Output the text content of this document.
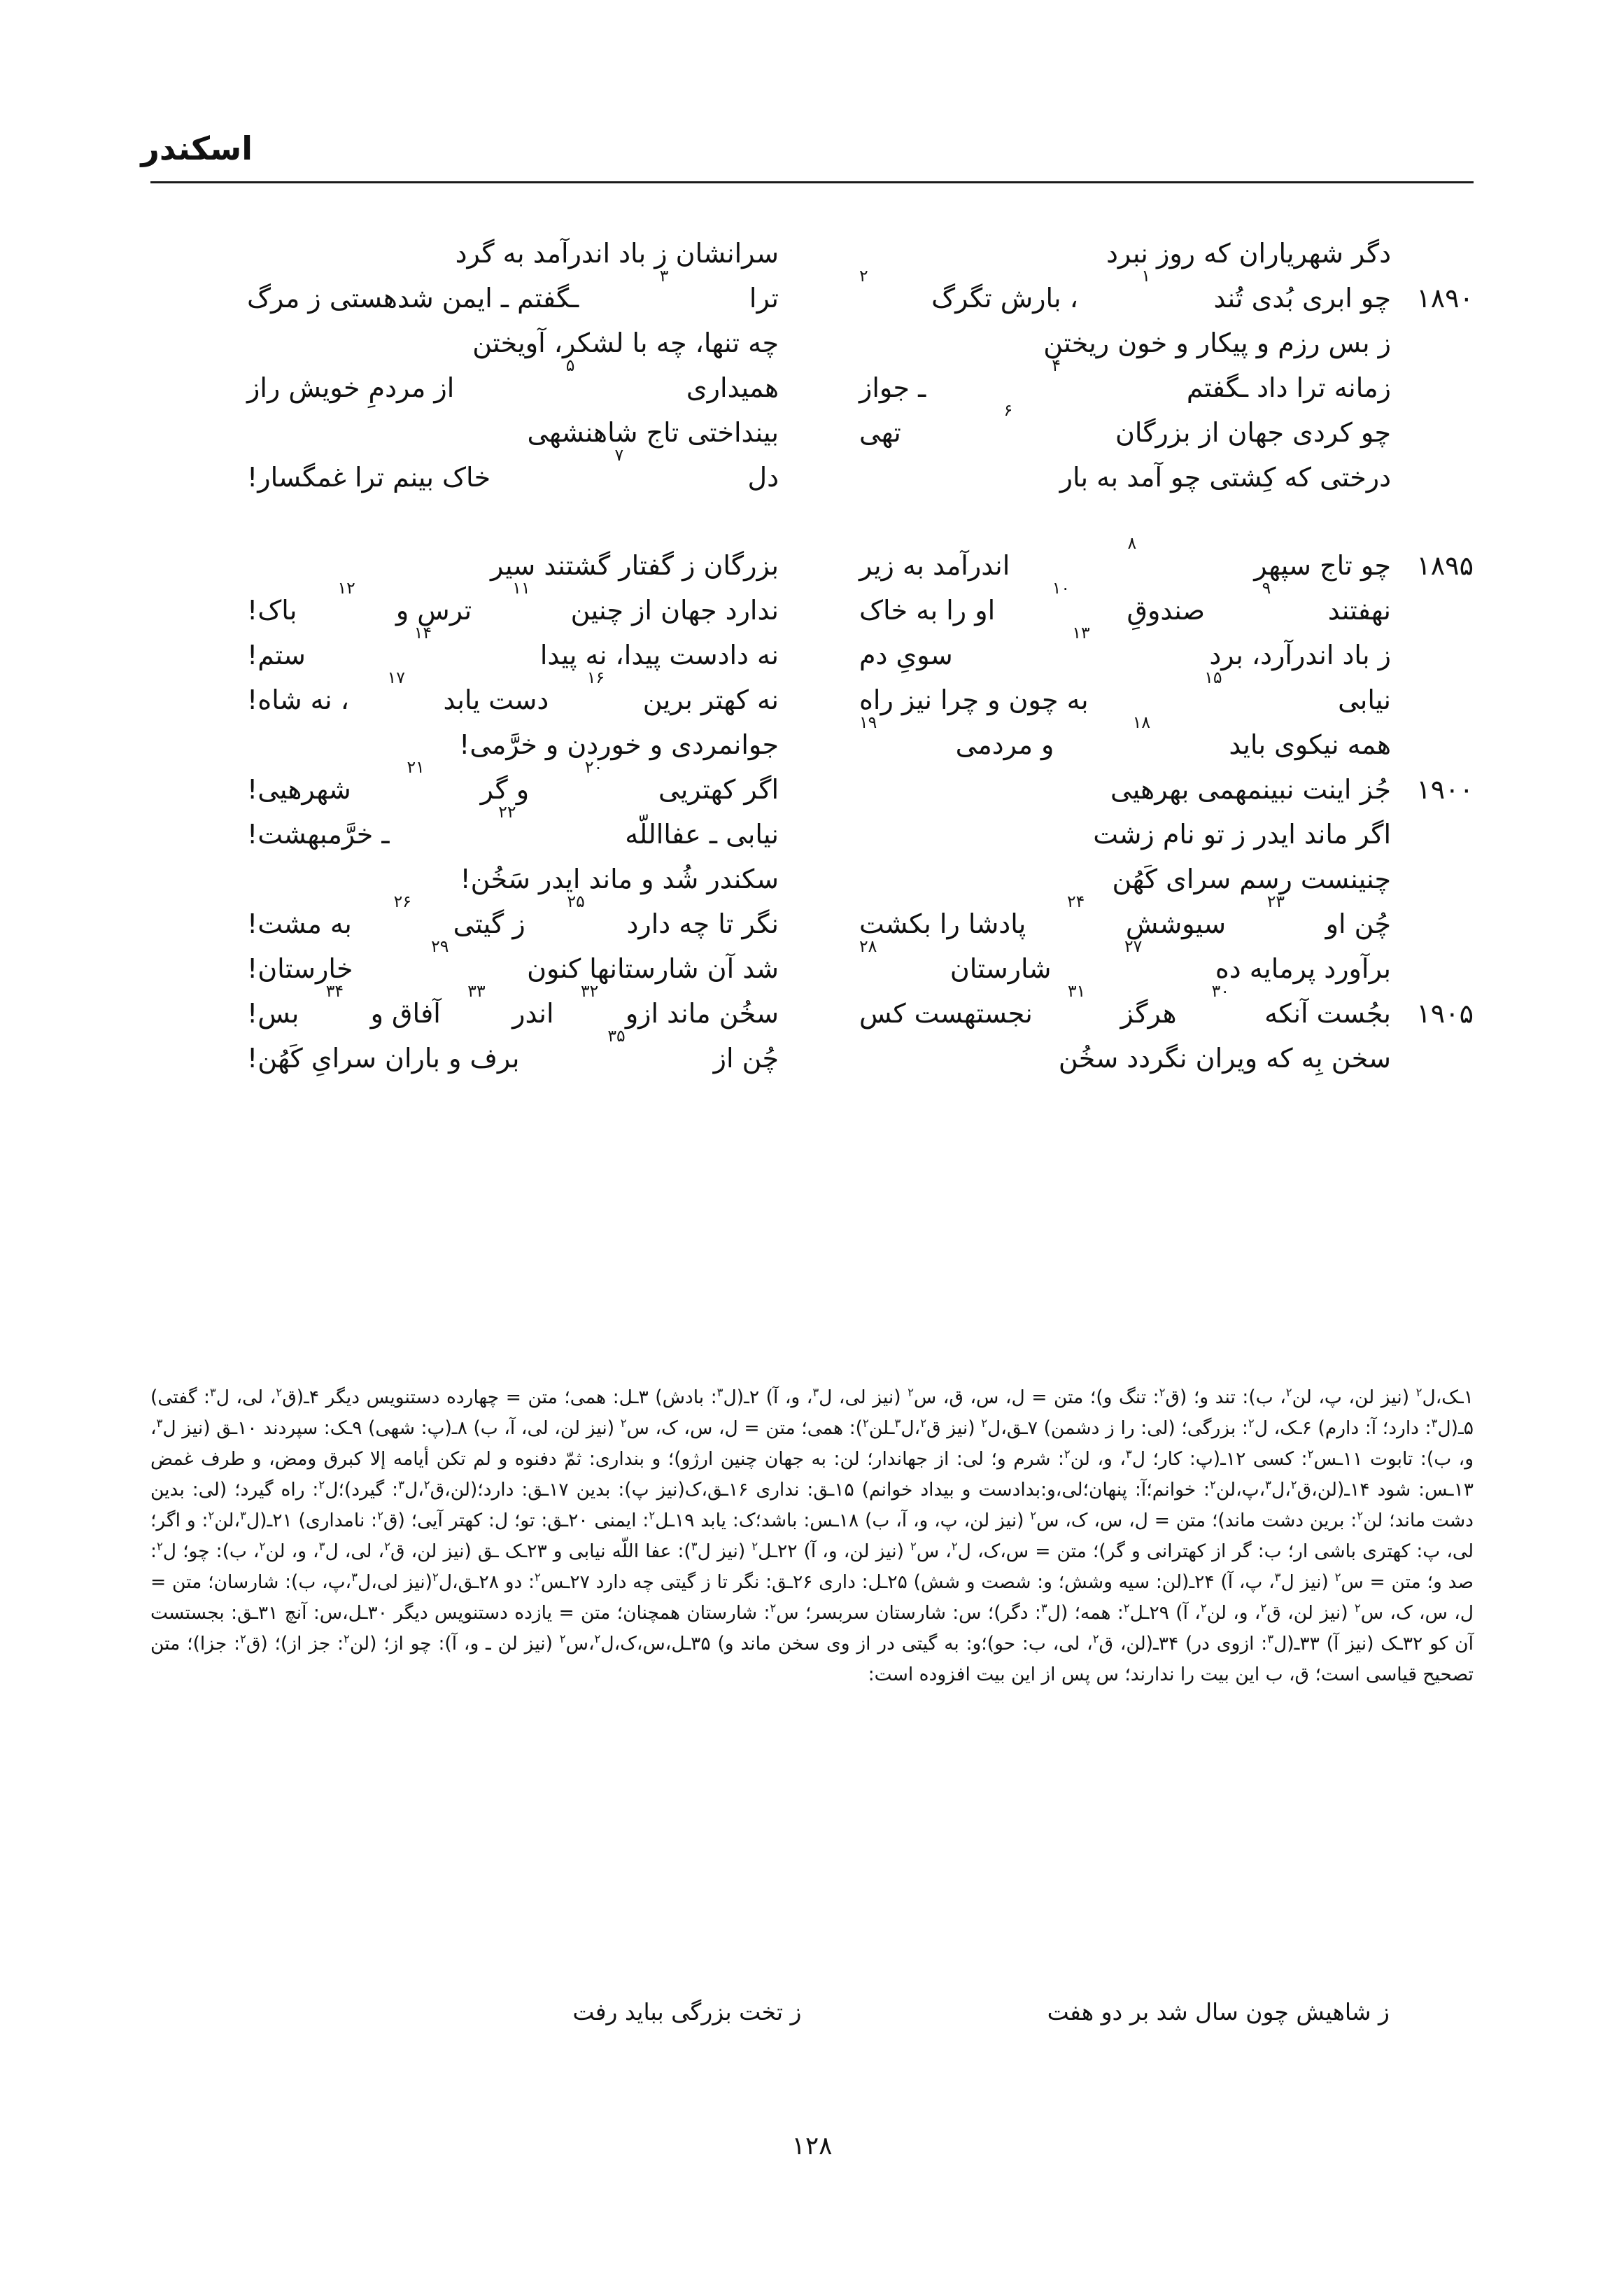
اسکندر
دگر شهریاران که روز نبرد
۱۸۹۰
چو ابری بُدی تُند
۱
، بارش تگرگ
۲
ز بس رزم و پیکار و خون ریختن
زمانه ترا داد ـگفتم
۴
ـ جواز
چو کردی جهان از بزرگان
۶
تهی
درختی که کِشتی چو آمد به بار
سرانشان ز باد اندرآمد به گرد
ترا
۳
ـگفتم ـ ایمن شدهستی ز مرگ
چه تنها، چه با لشکر، آویختن
همیداری
۵
از مردمِ خویش راز
بینداختی تاج شاهنشهی
دل
۷
خاک بینم ترا غمگسار!
۱۸۹۵
چو تاج سپهر
۸
اندرآمد به زیر
نهفتند
۹
صندوقِ
۱۰
او را به خاک
ز باد اندرآرد، برد
۱۳
سویِ دم
نیابی
۱۵
به چون و چرا نیز راه
همه نیکوی باید
۱۸
و مردمی
۱۹
۱۹۰۰
جُز اینت نبینمهمی بهرهیی
اگر ماند ایدر ز تو نام زشت
چنینست رسم سرای کَهُن
چُن او
۲۳
سیوشش
۲۴
پادشا را بکشت
برآورد پرمایه ده
۲۷
شارستان
۲۸
۱۹۰۵
بجُست آنکه
۳۰
هرگز
۳۱
نجستهست کس
سخن بِه که ویران نگردد سخُن
بزرگان ز گفتار گشتند سیر
ندارد جهان از چنین
۱۱
ترس و
۱۲
باک!
نه دادست پیدا، نه پیدا
۱۴
ستم!
نه کهتر برین
۱۶
دست یابد
۱۷
، نه شاه!
جوانمردی و خوردن و خرَّمی!
اگر کهتریی
۲۰
و گر
۲۱
شهرهیی!
نیابی ـ عفااللّه
۲۲
ـ خرَّمبهشت!
سکندر شُد و ماند ایدر سَخُن!
نگر تا چه دارد
۲۵
ز گیتی
۲۶
به مشت!
شد آن شارستانها کنون
۲۹
خارستان!
سخُن ماند ازو
۳۲
اندر
۳۳
آفاق و
۳۴
بس!
چُن از
۳۵
برف و باران سرایِ کَهُن!

۱ـک،ل$^۲$ (نیز لن، پ، لن$^۲$، ب): تند و؛ (ق$^۲$: تنگ و)؛ متن = ل، س، ق، س$^۲$ (نیز لی، ل$^۳$، و، آ) ۲ـ(ل$^۳$: بادش) ۳ـل: همی؛ متن = چهارده دستنویس دیگر ۴ـ(ق$^۲$، لی، ل$^۳$: گفتی) ۵ـ(ل$^۳$: دارد؛ آ: دارم) ۶ـک، ل$^۲$: بزرگی؛ (لی: را ز دشمن) ۷ـق،ل$^۲$ (نیز ق$^۲$،ل$^۳$ـلن$^۲$): همی؛ متن = ل، س، ک، س$^۲$ (نیز لن، لی، آ، ب) ۸ـ(پ: شهی) ۹ـک: سپردند ۱۰ـق (نیز ل$^۳$، و، ب): تابوت ۱۱ـس$^۲$: کسی ۱۲ـ(پ: کار؛ ل$^۳$، و، لن$^۲$: شرم و؛ لی: از جهاندار؛ لن: به جهان چنین ارژو)؛ و بنداری: ثمّ دفنوه و لم تکن أیامه إلا کبرق ومض، و طرف غمض ۱۳ـس: شود ۱۴ـ(لن،ق$^۲$،ل$^۳$،پ،لن$^۲$: خوانم؛آ: پنهان؛لی،و:بدادست و بیداد خوانم) ۱۵ـق: نداری ۱۶ـق،ک(نیز پ): بدین ۱۷ـق: دارد؛(لن،ق$^۲$،ل$^۳$: گیرد)؛ل$^۲$: راه گیرد؛ (لی: بدین دشت ماند؛ لن$^۲$: برین دشت ماند)؛ متن = ل، س، ک، س$^۲$ (نیز لن، پ، و، آ، ب) ۱۸ـس: باشد؛ک: یابد ۱۹ـل$^۲$: ایمنی ۲۰ـق: تو؛ ل: کهتر آیی؛ (ق$^۲$: نامداری) ۲۱ـ(ل$^۳$،لن$^۲$: و اگر؛ لی، پ: کهتری باشی ار؛ ب: گر از کهترانی و گر)؛ متن = س،ک، ل$^۲$، س$^۲$ (نیز لن، و، آ) ۲۲ـل$^۲$ (نیز ل$^۳$): عفا اللّه نیابی و ۲۳ـک ـق (نیز لن، ق$^۲$، لی، ل$^۳$، و، لن$^۲$، ب): چو؛ ل$^۲$: صد و؛ متن = س$^۲$ (نیز ل$^۳$، پ، آ) ۲۴ـ(لن: سیه وشش؛ و: شصت و شش) ۲۵ـل: داری ۲۶ـق: نگر تا ز گیتی چه دارد ۲۷ـس$^۲$: دو ۲۸ـق،ل$^۲$(نیز لی،ل$^۳$،پ، ب): شارسان؛ متن = ل، س، ک، س$^۲$ (نیز لن، ق$^۲$، و، لن$^۲$، آ) ۲۹ـل$^۲$: همه؛ (ل$^۳$: دگر)؛ س: شارستان سربسر؛ س$^۲$: شارستان همچنان؛ متن = یازده دستنویس دیگر ۳۰ـل،س: آنچ ۳۱ـق: بجستست آن کو ۳۲ـک (نیز آ) ۳۳ـ(ل$^۳$: ازوی در) ۳۴ـ(لن، ق$^۲$، لی، ب: حو)؛و: به گیتی در از وی سخن ماند و) ۳۵ـل،س،ک،ل$^۲$،س$^۲$ (نیز لن ـ و، آ): چو از؛ (لن$^۲$: جز از)؛ (ق$^۲$: جزا)؛ متن تصحیح قیاسی است؛ ق، ب این بیت را ندارند؛ س پس از این بیت افزوده است:

ز شاهیش چون سال شد بر دو هفت
ز تخت بزرگی بباید رفت
۱۲۸
